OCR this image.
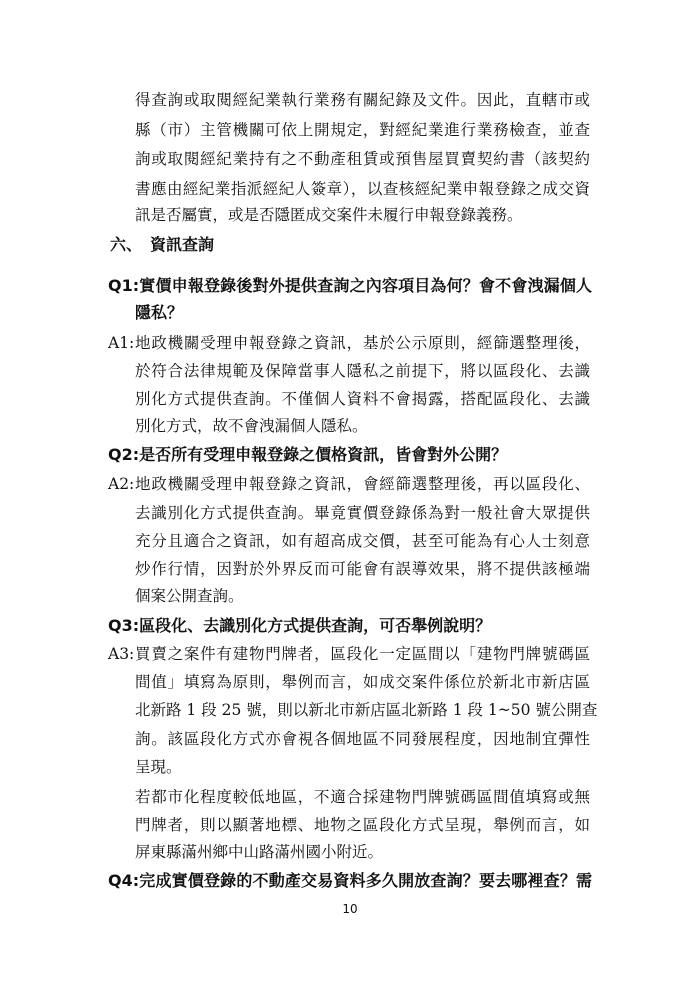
得查詢或取閱經紀業執行業務有關紀錄及文件。因此，直轄市或
縣（市）主管機關可依上開規定，對經紀業進行業務檢查，並查
詢或取閱經紀業持有之不動產租賃或預售屋買賣契約書（該契約
書應由經紀業指派經紀人簽章），以查核經紀業申報登錄之成交資
訊是否屬實，或是否隱匿成交案件未履行申報登錄義務。
六、　資訊查詢
Q1:實價申報登錄後對外提供查詢之內容項目為何？會不會洩漏個人
隱私？
A1:地政機關受理申報登錄之資訊，基於公示原則，經篩選整理後，
於符合法律規範及保障當事人隱私之前提下，將以區段化、去識
別化方式提供查詢。不僅個人資料不會揭露，搭配區段化、去識
別化方式，故不會洩漏個人隱私。
Q2:是否所有受理申報登錄之價格資訊，皆會對外公開？
A2:地政機關受理申報登錄之資訊，會經篩選整理後，再以區段化、
去識別化方式提供查詢。畢竟實價登錄係為對一般社會大眾提供
充分且適合之資訊，如有超高成交價，甚至可能為有心人士刻意
炒作行情，因對於外界反而可能會有誤導效果，將不提供該極端
個案公開查詢。
Q3:區段化、去識別化方式提供查詢，可否舉例說明？
A3:買賣之案件有建物門牌者，區段化一定區間以「建物門牌號碼區
間值」填寫為原則，舉例而言，如成交案件係位於新北市新店區
北新路 1 段 25 號，則以新北市新店區北新路 1 段 1~50 號公開查
詢。該區段化方式亦會視各個地區不同發展程度，因地制宜彈性
呈現。
若都市化程度較低地區，不適合採建物門牌號碼區間值填寫或無
門牌者，則以顯著地標、地物之區段化方式呈現，舉例而言，如
屏東縣滿州鄉中山路滿州國小附近。
Q4:完成實價登錄的不動產交易資料多久開放查詢？要去哪裡查？需
10
